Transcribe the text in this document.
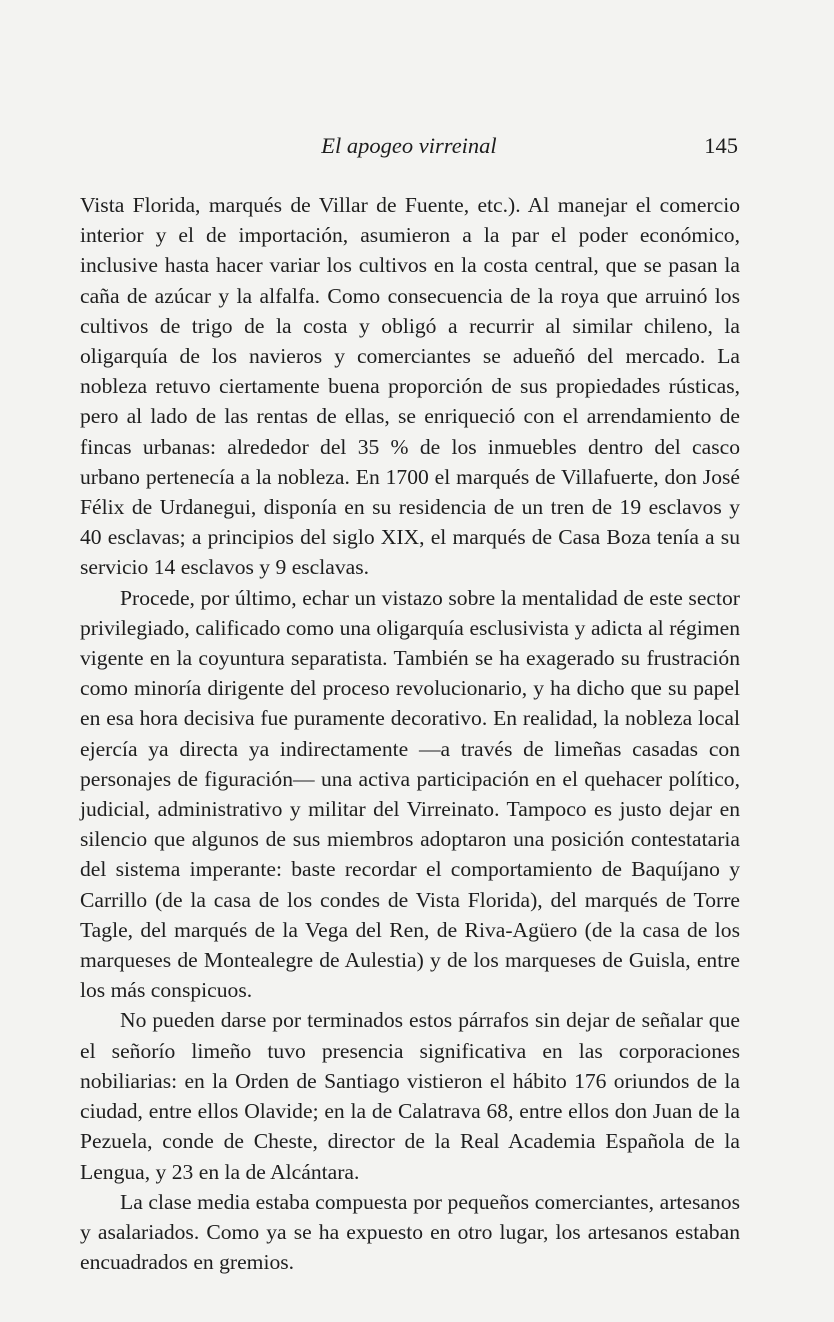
El apogeo virreinal	145

Vista Florida, marqués de Villar de Fuente, etc.). Al manejar el comercio interior y el de importación, asumieron a la par el poder económico, inclusive hasta hacer variar los cultivos en la costa central, que se pasan la caña de azúcar y la alfalfa. Como consecuencia de la roya que arruinó los cultivos de trigo de la costa y obligó a recurrir al similar chileno, la oligarquía de los navieros y comerciantes se adueñó del mercado. La nobleza retuvo ciertamente buena proporción de sus propiedades rústicas, pero al lado de las rentas de ellas, se enriqueció con el arrendamiento de fincas urbanas: alrededor del 35 % de los inmuebles dentro del casco urbano pertenecía a la nobleza. En 1700 el marqués de Villafuerte, don José Félix de Urdanegui, disponía en su residencia de un tren de 19 esclavos y 40 esclavas; a principios del siglo XIX, el marqués de Casa Boza tenía a su servicio 14 esclavos y 9 esclavas.

Procede, por último, echar un vistazo sobre la mentalidad de este sector privilegiado, calificado como una oligarquía esclusivista y adicta al régimen vigente en la coyuntura separatista. También se ha exagerado su frustración como minoría dirigente del proceso revolucionario, y ha dicho que su papel en esa hora decisiva fue puramente decorativo. En realidad, la nobleza local ejercía ya directa ya indirectamente —a través de limeñas casadas con personajes de figuración— una activa participación en el quehacer político, judicial, administrativo y militar del Virreinato. Tampoco es justo dejar en silencio que algunos de sus miembros adoptaron una posición contestataria del sistema imperante: baste recordar el comportamiento de Baquíjano y Carrillo (de la casa de los condes de Vista Florida), del marqués de Torre Tagle, del marqués de la Vega del Ren, de Riva-Agüero (de la casa de los marqueses de Montealegre de Aulestia) y de los marqueses de Guisla, entre los más conspicuos.

No pueden darse por terminados estos párrafos sin dejar de señalar que el señorío limeño tuvo presencia significativa en las corporaciones nobiliarias: en la Orden de Santiago vistieron el hábito 176 oriundos de la ciudad, entre ellos Olavide; en la de Calatrava 68, entre ellos don Juan de la Pezuela, conde de Cheste, director de la Real Academia Española de la Lengua, y 23 en la de Alcántara.

La clase media estaba compuesta por pequeños comerciantes, artesanos y asalariados. Como ya se ha expuesto en otro lugar, los artesanos estaban encuadrados en gremios.
